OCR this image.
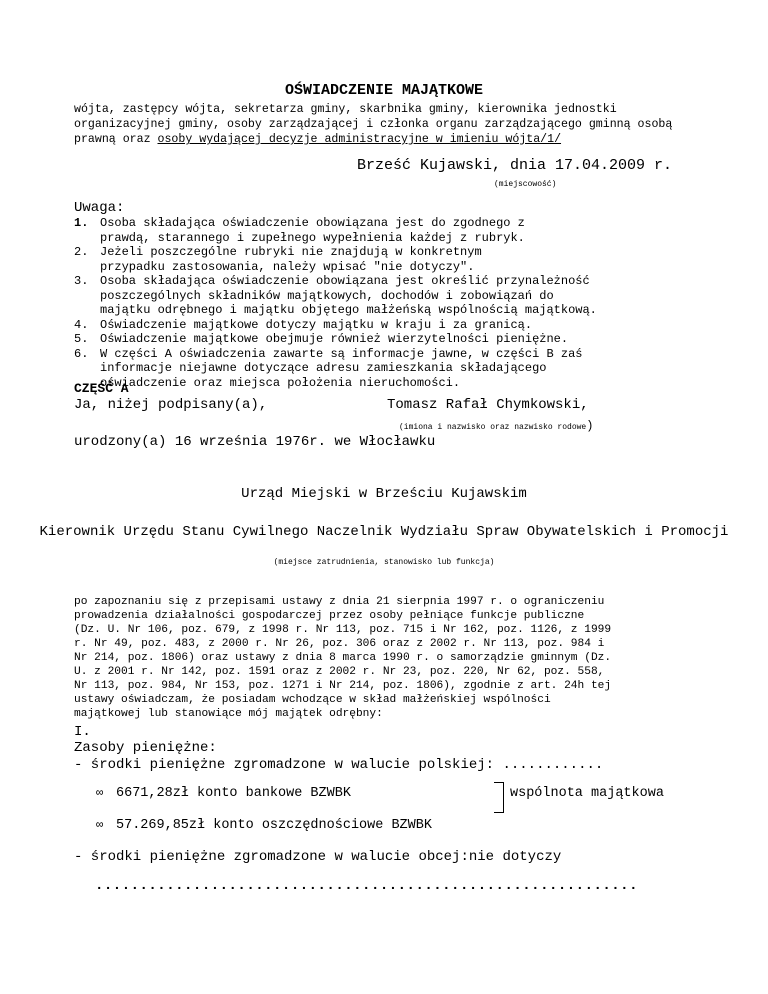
OŚWIADCZENIE MAJĄTKOWE
wójta, zastępcy wójta, sekretarza gminy, skarbnika gminy, kierownika jednostki organizacyjnej gminy, osoby zarządzającej i członka organu zarządzającego gminną osobą prawną oraz osoby wydającej decyzje administracyjne w imieniu wójta/1/
Brześć Kujawski, dnia 17.04.2009 r.
(miejscowość)
Uwaga:
1. Osoba składająca oświadczenie obowiązana jest do zgodnego z
prawdą, starannego i zupełnego wypełnienia każdej z rubryk.
2. Jeżeli poszczególne rubryki nie znajdują w konkretnym
przypadku zastosowania, należy wpisać "nie dotyczy".
3. Osoba składająca oświadczenie obowiązana jest określić przynależność
poszczególnych składników majątkowych, dochodów i zobowiązań do
majątku odrębnego i majątku objętego małżeńską wspólnością majątkową.
4. Oświadczenie majątkowe dotyczy majątku w kraju i za granicą.
5. Oświadczenie majątkowe obejmuje również wierzytelności pieniężne.
6. W części A oświadczenia zawarte są informacje jawne, w części B zaś
informacje niejawne dotyczące adresu zamieszkania składającego
oświadczenie oraz miejsca położenia nieruchomości.
CZĘŚĆ A
Ja, niżej podpisany(a),	Tomasz Rafał Chymkowski,
(imiona i nazwisko oraz nazwisko rodowe)
urodzony(a) 16 września 1976r. we Włocławku
Urząd Miejski w Brześciu Kujawskim
Kierownik Urzędu Stanu Cywilnego Naczelnik Wydziału Spraw Obywatelskich i Promocji
(miejsce zatrudnienia, stanowisko lub funkcja)
po zapoznaniu się z przepisami ustawy z dnia 21 sierpnia 1997 r. o ograniczeniu
prowadzenia działalności gospodarczej przez osoby pełniące funkcje publiczne
(Dz. U. Nr 106, poz. 679, z 1998 r. Nr 113, poz. 715 i Nr 162, poz. 1126, z 1999
r. Nr 49, poz. 483, z 2000 r. Nr 26, poz. 306 oraz z 2002 r. Nr 113, poz. 984 i
Nr 214, poz. 1806) oraz ustawy z dnia 8 marca 1990 r. o samorządzie gminnym (Dz.
U. z 2001 r. Nr 142, poz. 1591 oraz z 2002 r. Nr 23, poz. 220, Nr 62, poz. 558,
Nr 113, poz. 984, Nr 153, poz. 1271 i Nr 214, poz. 1806), zgodnie z art. 24h tej
ustawy oświadczam, że posiadam wchodzące w skład małżeńskiej wspólności
majątkowej lub stanowiące mój majątek odrębny:
I.
Zasoby pieniężne:
- środki pieniężne zgromadzone w walucie polskiej: ............
∞ 6671,28zł konto bankowe BZWBK	wspólnota majątkowa
∞ 57.269,85zł konto oszczędnościowe BZWBK
- środki pieniężne zgromadzone w walucie obcej:nie dotyczy
.............................................................
